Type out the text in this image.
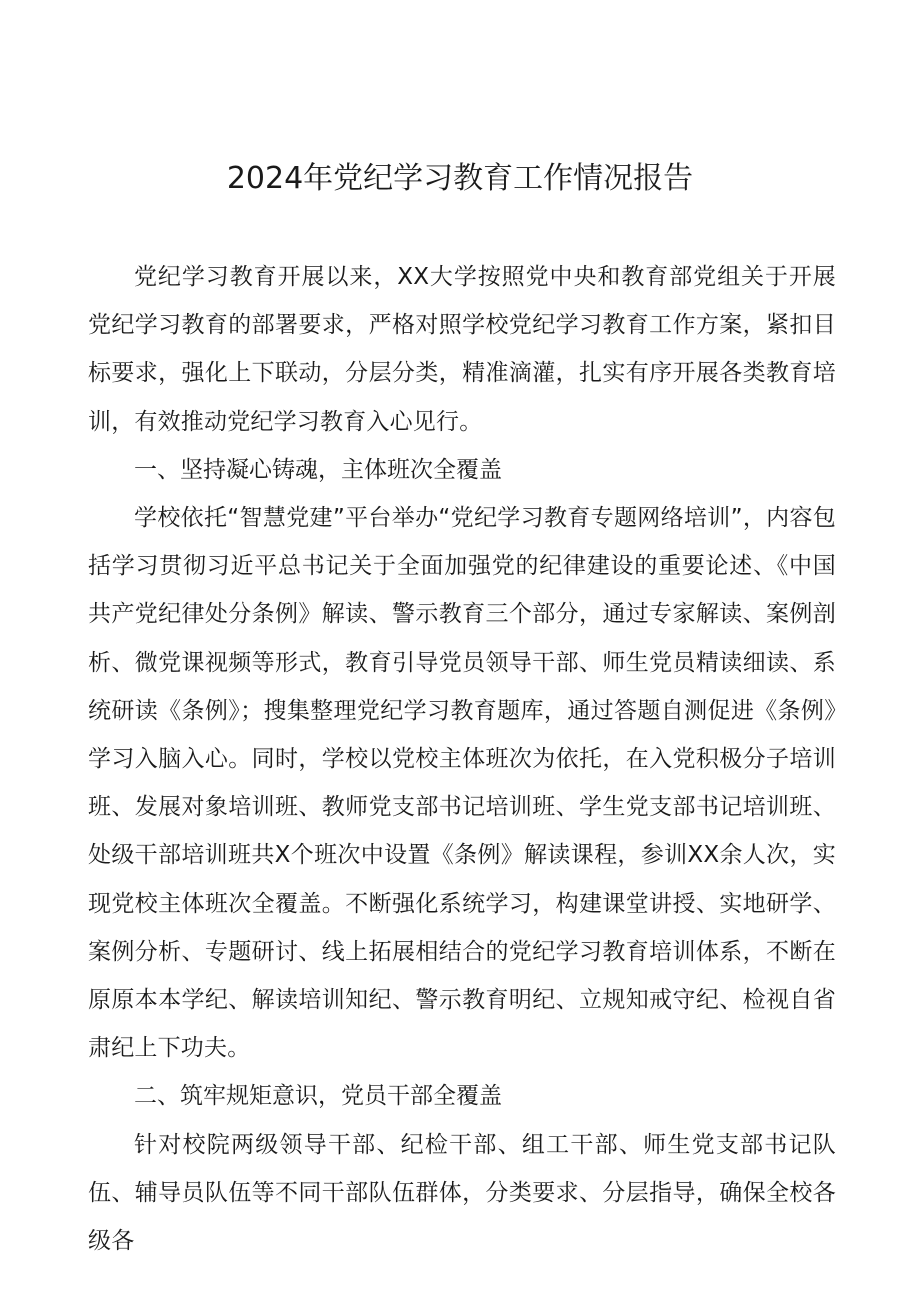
2024年党纪学习教育工作情况报告

党纪学习教育开展以来，XX大学按照党中央和教育部党组关于开展党纪学习教育的部署要求，严格对照学校党纪学习教育工作方案，紧扣目标要求，强化上下联动，分层分类，精准滴灌，扎实有序开展各类教育培训，有效推动党纪学习教育入心见行。

一、坚持凝心铸魂，主体班次全覆盖

学校依托“智慧党建”平台举办“党纪学习教育专题网络培训”，内容包括学习贯彻习近平总书记关于全面加强党的纪律建设的重要论述、《中国共产党纪律处分条例》解读、警示教育三个部分，通过专家解读、案例剖析、微党课视频等形式，教育引导党员领导干部、师生党员精读细读、系统研读《条例》；搜集整理党纪学习教育题库，通过答题自测促进《条例》学习入脑入心。同时，学校以党校主体班次为依托，在入党积极分子培训班、发展对象培训班、教师党支部书记培训班、学生党支部书记培训班、处级干部培训班共X个班次中设置《条例》解读课程，参训XX余人次，实现党校主体班次全覆盖。不断强化系统学习，构建课堂讲授、实地研学、案例分析、专题研讨、线上拓展相结合的党纪学习教育培训体系，不断在原原本本学纪、解读培训知纪、警示教育明纪、立规知戒守纪、检视自省肃纪上下功夫。

二、筑牢规矩意识，党员干部全覆盖

针对校院两级领导干部、纪检干部、组工干部、师生党支部书记队伍、辅导员队伍等不同干部队伍群体，分类要求、分层指导，确保全校各级各
